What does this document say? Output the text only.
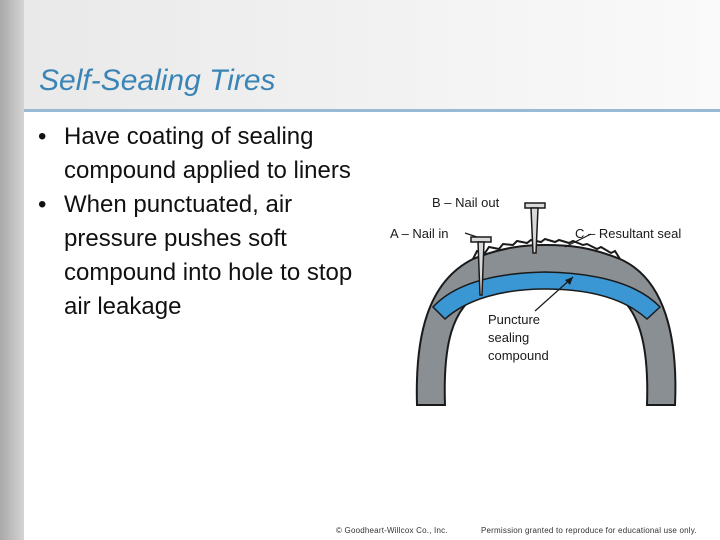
Self-Sealing Tires
• Have coating of sealing compound applied to liners
• When punctuated, air pressure pushes soft compound into hole to stop air leakage
B – Nail out
A – Nail in	C – Resultant seal
Puncture
sealing
compound
© Goodheart-Willcox Co., Inc.	Permission granted to reproduce for educational use only.
